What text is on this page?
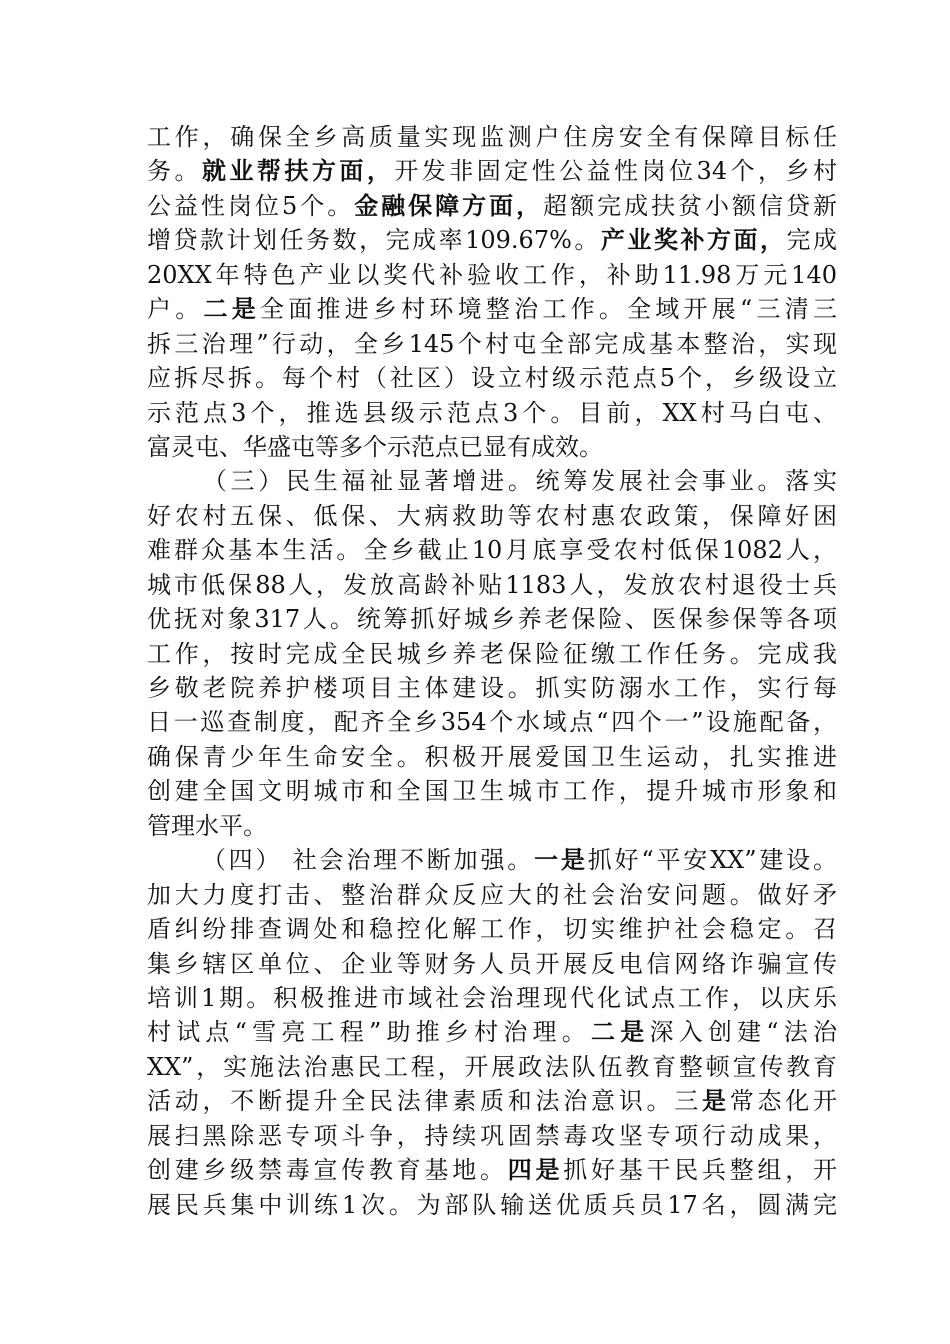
工作，确保全乡高质量实现监测户住房安全有保障目标任
务。就业帮扶方面，开发非固定性公益性岗位34个，乡村
公益性岗位5个。金融保障方面，超额完成扶贫小额信贷新
增贷款计划任务数，完成率109.67%。产业奖补方面，完成
20XX年特色产业以奖代补验收工作，补助11.98万元140
户。二是全面推进乡村环境整治工作。全域开展“三清三
拆三治理”行动，全乡145个村屯全部完成基本整治，实现
应拆尽拆。每个村（社区）设立村级示范点5个，乡级设立
示范点3个，推选县级示范点3个。目前，XX村马白屯、
富灵屯、华盛屯等多个示范点已显有成效。
（三）民生福祉显著增进。统筹发展社会事业。落实
好农村五保、低保、大病救助等农村惠农政策，保障好困
难群众基本生活。全乡截止10月底享受农村低保1082人，
城市低保88人，发放高龄补贴1183人，发放农村退役士兵
优抚对象317人。统筹抓好城乡养老保险、医保参保等各项
工作，按时完成全民城乡养老保险征缴工作任务。完成我
乡敬老院养护楼项目主体建设。抓实防溺水工作，实行每
日一巡查制度，配齐全乡354个水域点“四个一”设施配备，
确保青少年生命安全。积极开展爱国卫生运动，扎实推进
创建全国文明城市和全国卫生城市工作，提升城市形象和
管理水平。
（四） 社会治理不断加强。一是抓好“平安XX”建设。
加大力度打击、整治群众反应大的社会治安问题。做好矛
盾纠纷排查调处和稳控化解工作，切实维护社会稳定。召
集乡辖区单位、企业等财务人员开展反电信网络诈骗宣传
培训1期。积极推进市域社会治理现代化试点工作，以庆乐
村试点“雪亮工程”助推乡村治理。二是深入创建“法治
XX”，实施法治惠民工程，开展政法队伍教育整顿宣传教育
活动，不断提升全民法律素质和法治意识。三是常态化开
展扫黑除恶专项斗争，持续巩固禁毒攻坚专项行动成果，
创建乡级禁毒宣传教育基地。四是抓好基干民兵整组，开
展民兵集中训练1次。为部队输送优质兵员17名，圆满完
